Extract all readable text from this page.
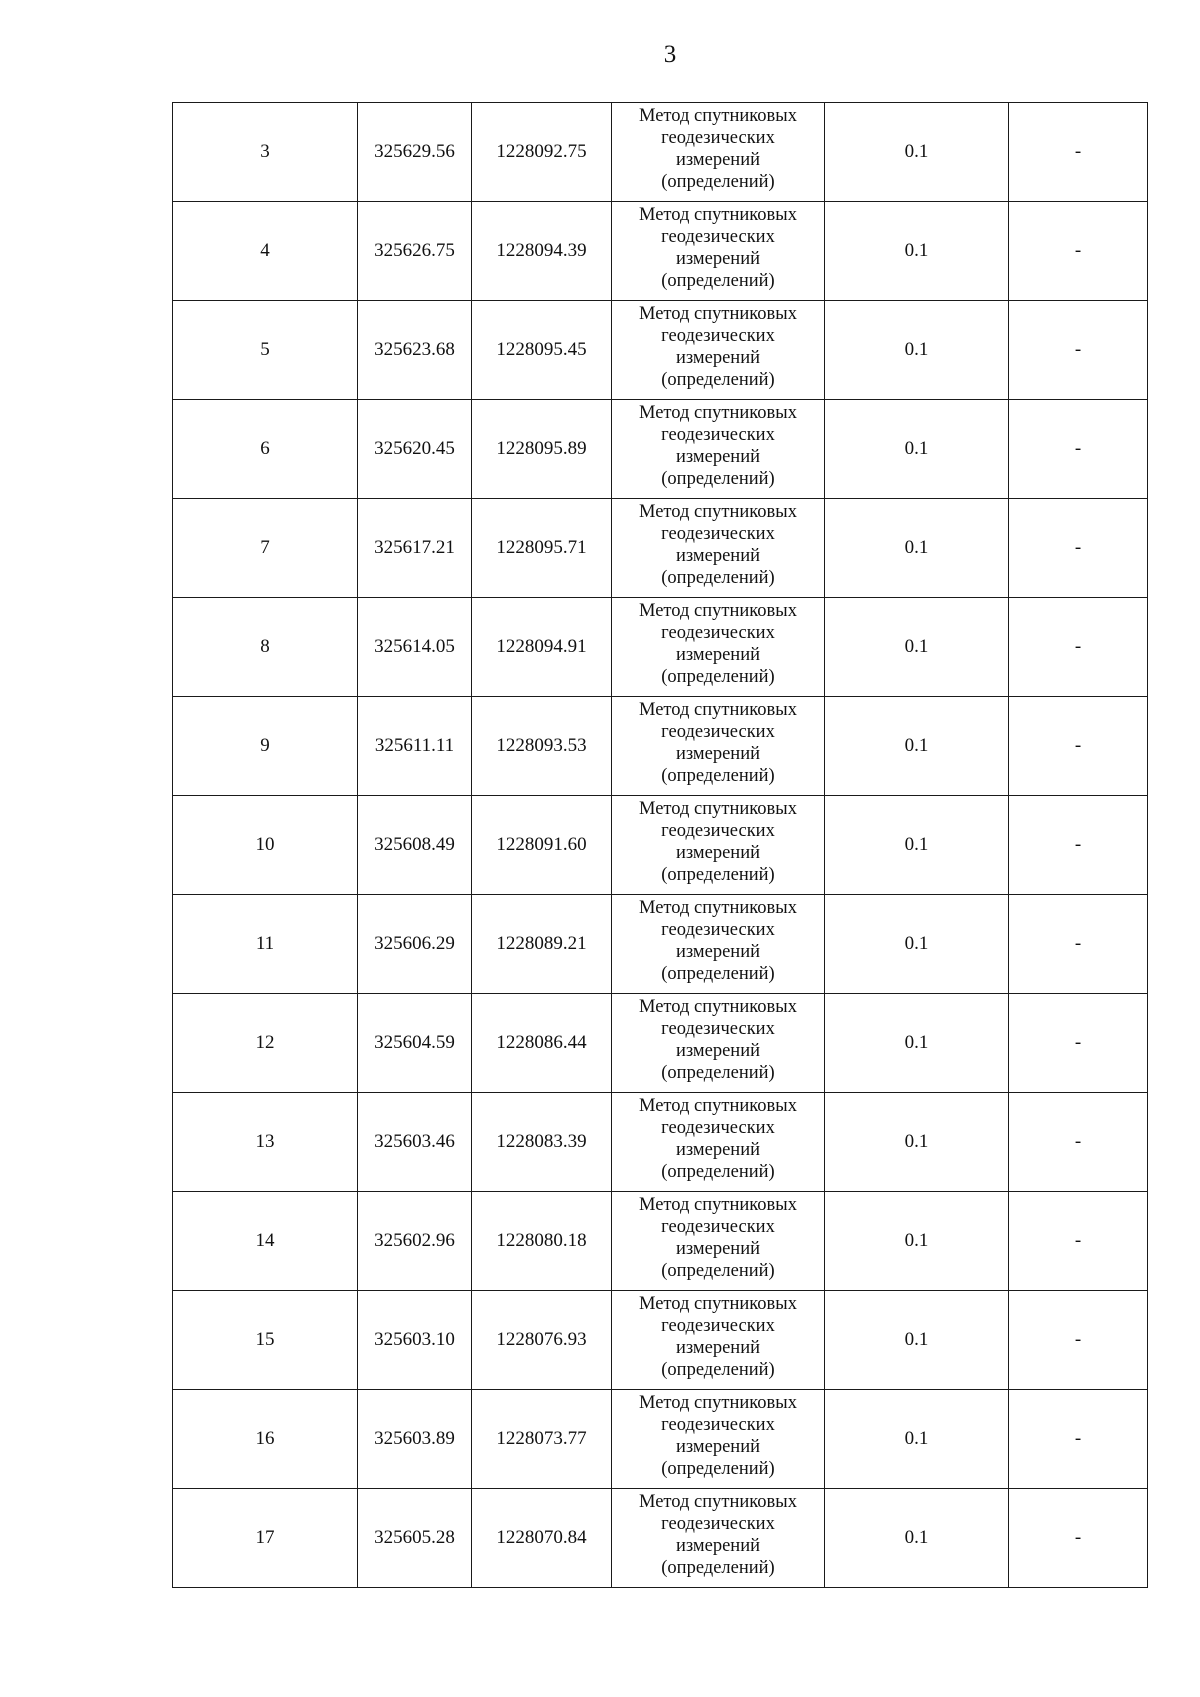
3
3	325629.56	1228092.75	Метод спутниковых
геодезических
измерений
(определений)	0.1	-
4	325626.75	1228094.39	Метод спутниковых
геодезических
измерений
(определений)	0.1	-
5	325623.68	1228095.45	Метод спутниковых
геодезических
измерений
(определений)	0.1	-
6	325620.45	1228095.89	Метод спутниковых
геодезических
измерений
(определений)	0.1	-
7	325617.21	1228095.71	Метод спутниковых
геодезических
измерений
(определений)	0.1	-
8	325614.05	1228094.91	Метод спутниковых
геодезических
измерений
(определений)	0.1	-
9	325611.11	1228093.53	Метод спутниковых
геодезических
измерений
(определений)	0.1	-
10	325608.49	1228091.60	Метод спутниковых
геодезических
измерений
(определений)	0.1	-
11	325606.29	1228089.21	Метод спутниковых
геодезических
измерений
(определений)	0.1	-
12	325604.59	1228086.44	Метод спутниковых
геодезических
измерений
(определений)	0.1	-
13	325603.46	1228083.39	Метод спутниковых
геодезических
измерений
(определений)	0.1	-
14	325602.96	1228080.18	Метод спутниковых
геодезических
измерений
(определений)	0.1	-
15	325603.10	1228076.93	Метод спутниковых
геодезических
измерений
(определений)	0.1	-
16	325603.89	1228073.77	Метод спутниковых
геодезических
измерений
(определений)	0.1	-
17	325605.28	1228070.84	Метод спутниковых
геодезических
измерений
(определений)	0.1	-
